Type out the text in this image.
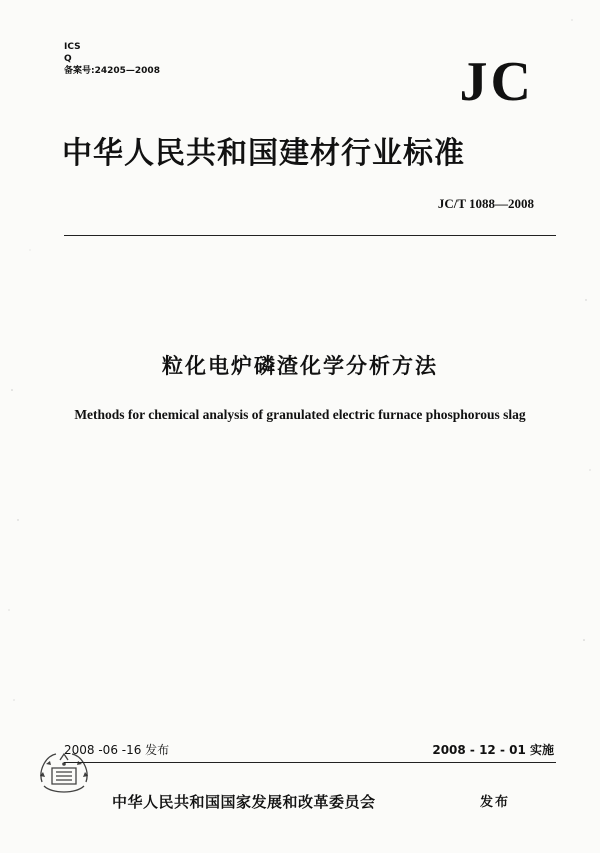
ICS
Q
备案号:24205—2008	JC
中华人民共和国建材行业标准
JC/T 1088—2008
粒化电炉磷渣化学分析方法
Methods for chemical analysis of granulated electric furnace phosphorous slag
2008 -06 -16 发布	2008 - 12 - 01 实施
中华人民共和国国家发展和改革委员会	发布
